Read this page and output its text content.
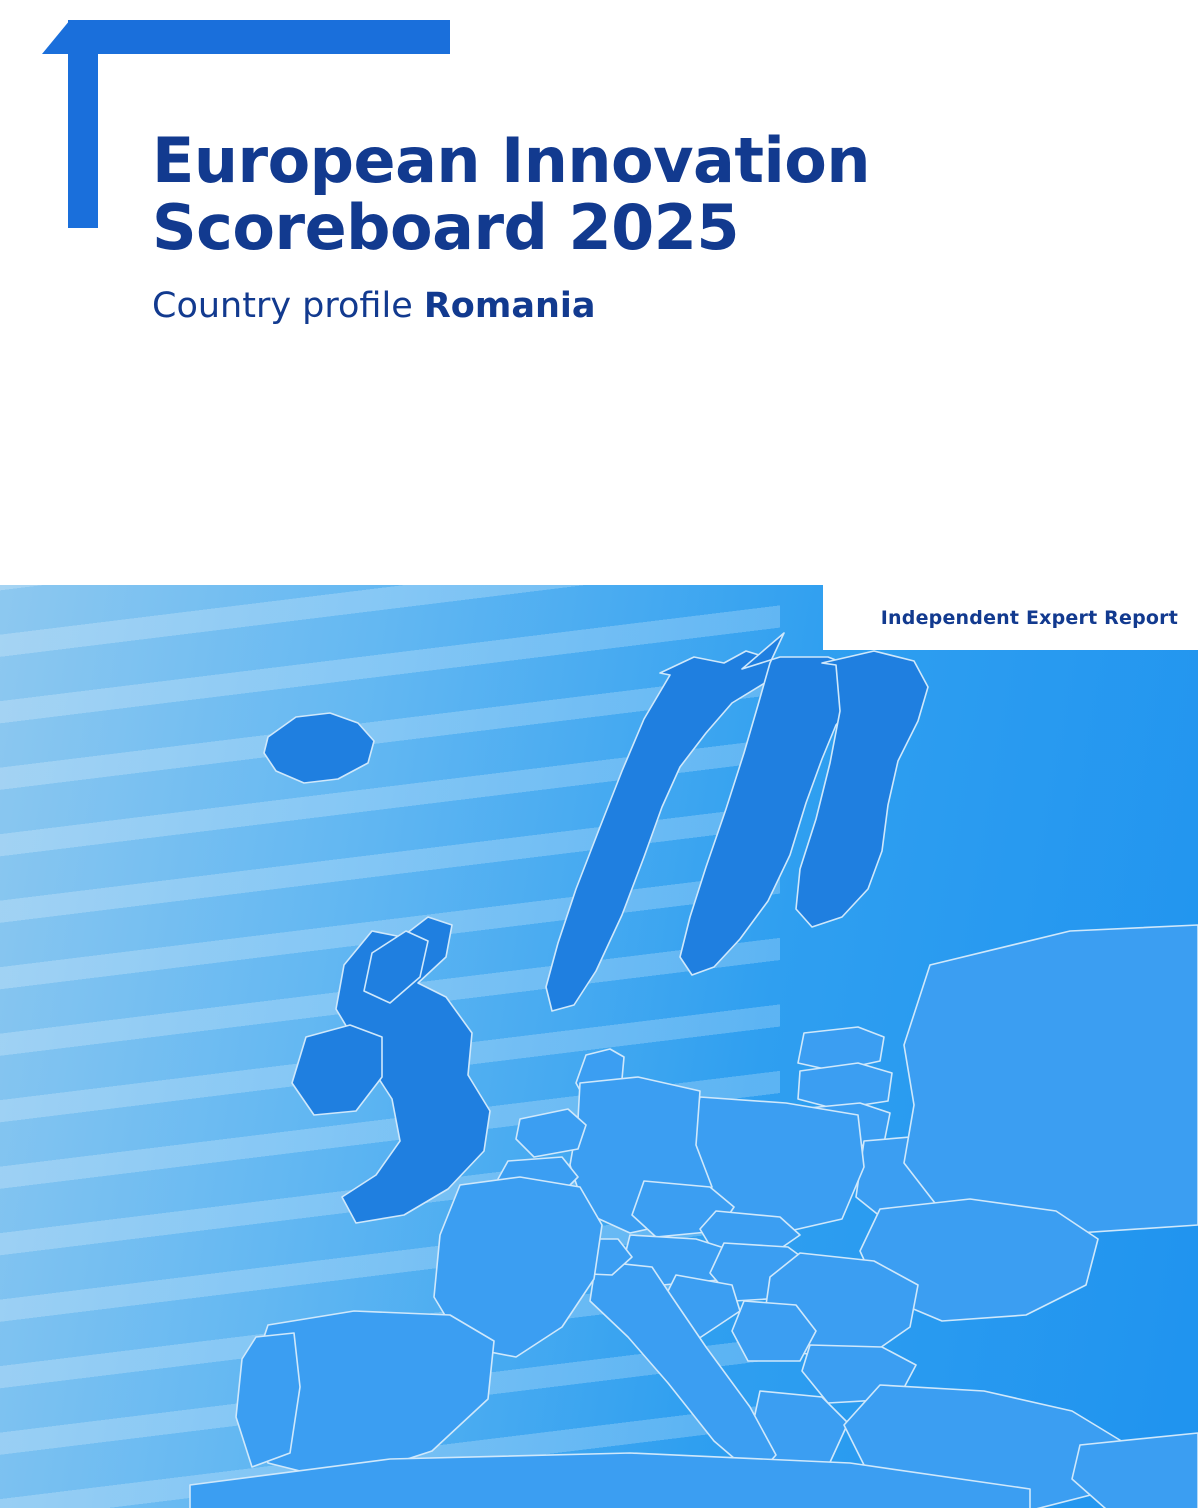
European Innovation
Scoreboard 2025
Country profile Romania
Independent Expert Report
